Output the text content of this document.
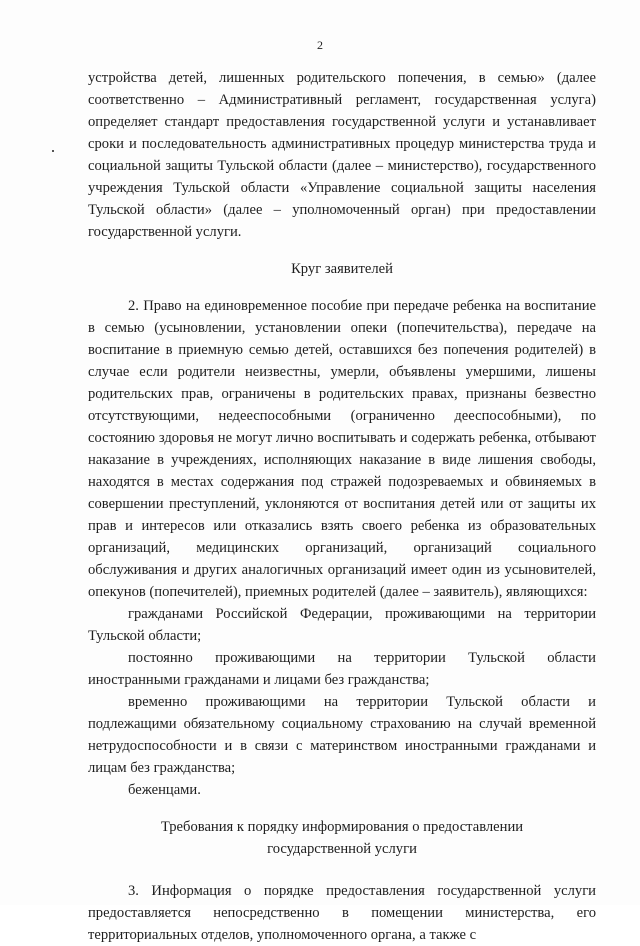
2

устройства детей, лишенных родительского попечения, в семью» (далее соответственно – Административный регламент, государственная услуга) определяет стандарт предоставления государственной услуги и устанавливает сроки и последовательность административных процедур министерства труда и социальной защиты Тульской области (далее – министерство), государственного учреждения Тульской области «Управление социальной защиты населения Тульской области» (далее – уполномоченный орган) при предоставлении государственной услуги.

Круг заявителей

2. Право на единовременное пособие при передаче ребенка на воспитание в семью (усыновлении, установлении опеки (попечительства), передаче на воспитание в приемную семью детей, оставшихся без попечения родителей) в случае если родители неизвестны, умерли, объявлены умершими, лишены родительских прав, ограничены в родительских правах, признаны безвестно отсутствующими, недееспособными (ограниченно дееспособными), по состоянию здоровья не могут лично воспитывать и содержать ребенка, отбывают наказание в учреждениях, исполняющих наказание в виде лишения свободы, находятся в местах содержания под стражей подозреваемых и обвиняемых в совершении преступлений, уклоняются от воспитания детей или от защиты их прав и интересов или отказались взять своего ребенка из образовательных организаций, медицинских организаций, организаций социального обслуживания и других аналогичных организаций имеет один из усыновителей, опекунов (попечителей), приемных родителей (далее – заявитель), являющихся:

гражданами Российской Федерации, проживающими на территории Тульской области;

постоянно проживающими на территории Тульской области иностранными гражданами и лицами без гражданства;

временно проживающими на территории Тульской области и подлежащими обязательному социальному страхованию на случай временной нетрудоспособности и в связи с материнством иностранными гражданами и лицам без гражданства;

беженцами.

Требования к порядку информирования о предоставлении
государственной услуги

3. Информация о порядке предоставления государственной услуги предоставляется непосредственно в помещении министерства, его территориальных отделов, уполномоченного органа, а также с
